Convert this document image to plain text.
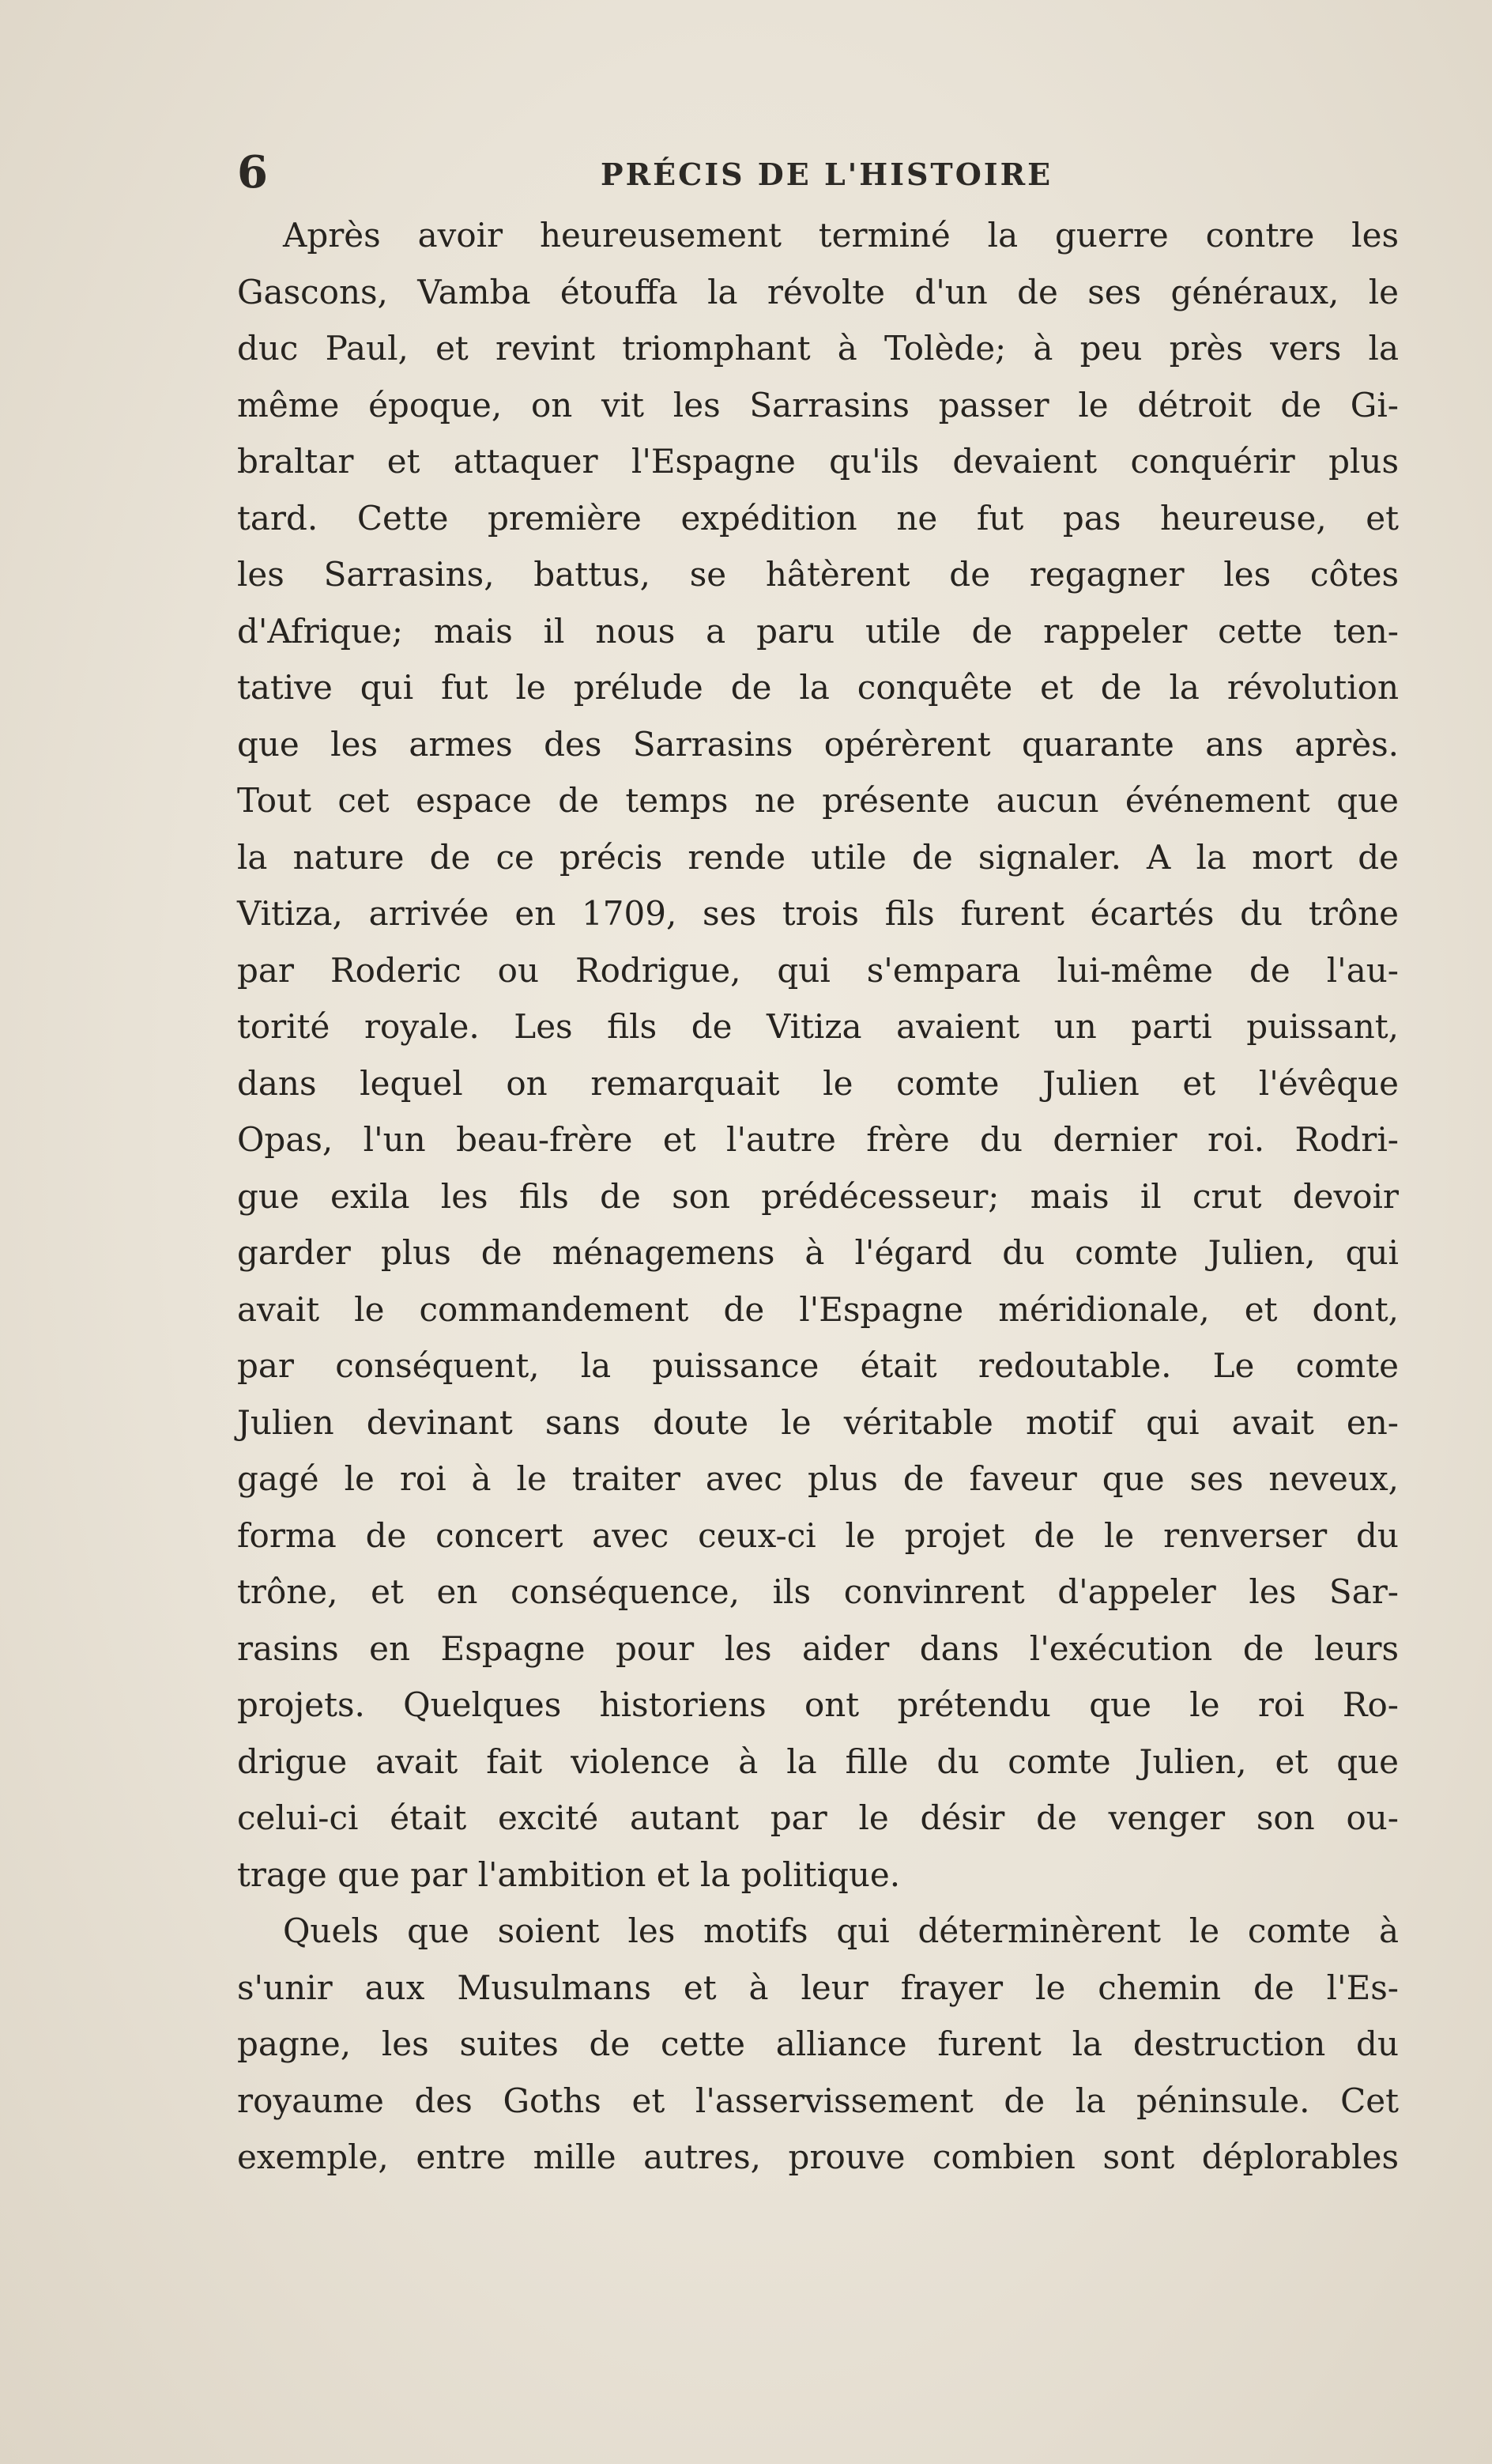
6	PRÉCIS DE L'HISTOIRE
Après avoir heureusement terminé la guerre contre les
Gascons, Vamba étouffa la révolte d'un de ses généraux, le
duc Paul, et revint triomphant à Tolède; à peu près vers la
même époque, on vit les Sarrasins passer le détroit de Gi-
braltar et attaquer l'Espagne qu'ils devaient conquérir plus
tard. Cette première expédition ne fut pas heureuse, et
les Sarrasins, battus, se hâtèrent de regagner les côtes
d'Afrique; mais il nous a paru utile de rappeler cette ten-
tative qui fut le prélude de la conquête et de la révolution
que les armes des Sarrasins opérèrent quarante ans après.
Tout cet espace de temps ne présente aucun événement que
la nature de ce précis rende utile de signaler. A la mort de
Vitiza, arrivée en 1709, ses trois fils furent écartés du trône
par Roderic ou Rodrigue, qui s'empara lui-même de l'au-
torité royale. Les fils de Vitiza avaient un parti puissant,
dans lequel on remarquait le comte Julien et l'évêque
Opas, l'un beau-frère et l'autre frère du dernier roi. Rodri-
gue exila les fils de son prédécesseur; mais il crut devoir
garder plus de ménagemens à l'égard du comte Julien, qui
avait le commandement de l'Espagne méridionale, et dont,
par conséquent, la puissance était redoutable. Le comte
Julien devinant sans doute le véritable motif qui avait en-
gagé le roi à le traiter avec plus de faveur que ses neveux,
forma de concert avec ceux-ci le projet de le renverser du
trône, et en conséquence, ils convinrent d'appeler les Sar-
rasins en Espagne pour les aider dans l'exécution de leurs
projets. Quelques historiens ont prétendu que le roi Ro-
drigue avait fait violence à la fille du comte Julien, et que
celui-ci était excité autant par le désir de venger son ou-
trage que par l'ambition et la politique.
Quels que soient les motifs qui déterminèrent le comte à
s'unir aux Musulmans et à leur frayer le chemin de l'Es-
pagne, les suites de cette alliance furent la destruction du
royaume des Goths et l'asservissement de la péninsule. Cet
exemple, entre mille autres, prouve combien sont déplorables
